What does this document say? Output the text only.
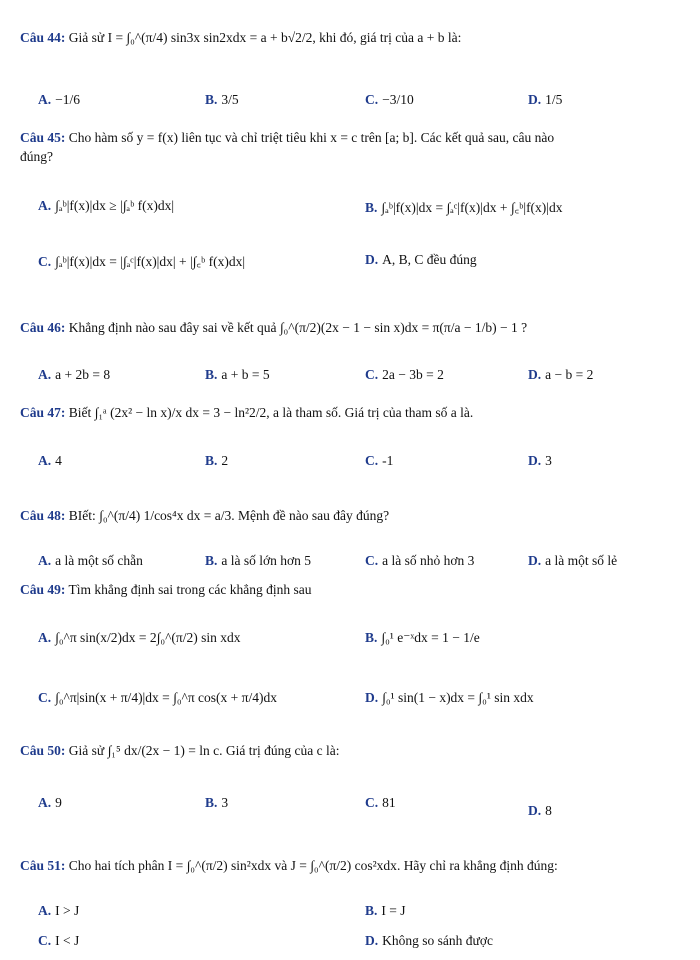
Câu 44: Giả sử I = ∫₀^(π/4) sin3x sin2xdx = a + b√2/2, khi đó, giá trị của a + b là:
A. −1/6	B. 3/5	C. −3/10	D. 1/5
Câu 45: Cho hàm số y = f(x) liên tục và chỉ triệt tiêu khi x = c trên [a; b]. Các kết quả sau, câu nào
đúng?
A. ∫ₐᵇ|f(x)|dx ≥ |∫ₐᵇ f(x)dx|	B. ∫ₐᵇ|f(x)|dx = ∫ₐᶜ|f(x)|dx + ∫꜀ᵇ|f(x)|dx
C. ∫ₐᵇ|f(x)|dx = |∫ₐᶜ|f(x)|dx| + |∫꜀ᵇ f(x)dx|	D. A, B, C đều đúng
Câu 46: Khẳng định nào sau đây sai về kết quả ∫₀^(π/2)(2x − 1 − sin x)dx = π(π/a − 1/b) − 1 ?
A. a + 2b = 8	B. a + b = 5	C. 2a − 3b = 2	D. a − b = 2
Câu 47: Biết ∫₁ᵃ (2x² − ln x)/x dx = 3 − ln²2/2, a là tham số. Giá trị của tham số a là.
A. 4	B. 2	C. -1	D. 3
Câu 48: BIết: ∫₀^(π/4) 1/cos⁴x dx = a/3. Mệnh đề nào sau đây đúng?
A. a là một số chẵn	B. a là số lớn hơn 5	C. a là số nhỏ hơn 3	D. a là một số lẻ
Câu 49: Tìm khẳng định sai trong các khẳng định sau
A. ∫₀^π sin(x/2)dx = 2∫₀^(π/2) sin xdx	B. ∫₀¹ e⁻ˣdx = 1 − 1/e
C. ∫₀^π|sin(x + π/4)|dx = ∫₀^π cos(x + π/4)dx	D. ∫₀¹ sin(1 − x)dx = ∫₀¹ sin xdx
Câu 50: Giả sử ∫₁⁵ dx/(2x − 1) = ln c. Giá trị đúng của c là:
A. 9	B. 3	C. 81
D. 8
Câu 51: Cho hai tích phân I = ∫₀^(π/2) sin²xdx và J = ∫₀^(π/2) cos²xdx. Hãy chỉ ra khẳng định đúng:
A. I > J	B. I = J
C. I < J	D. Không so sánh được
